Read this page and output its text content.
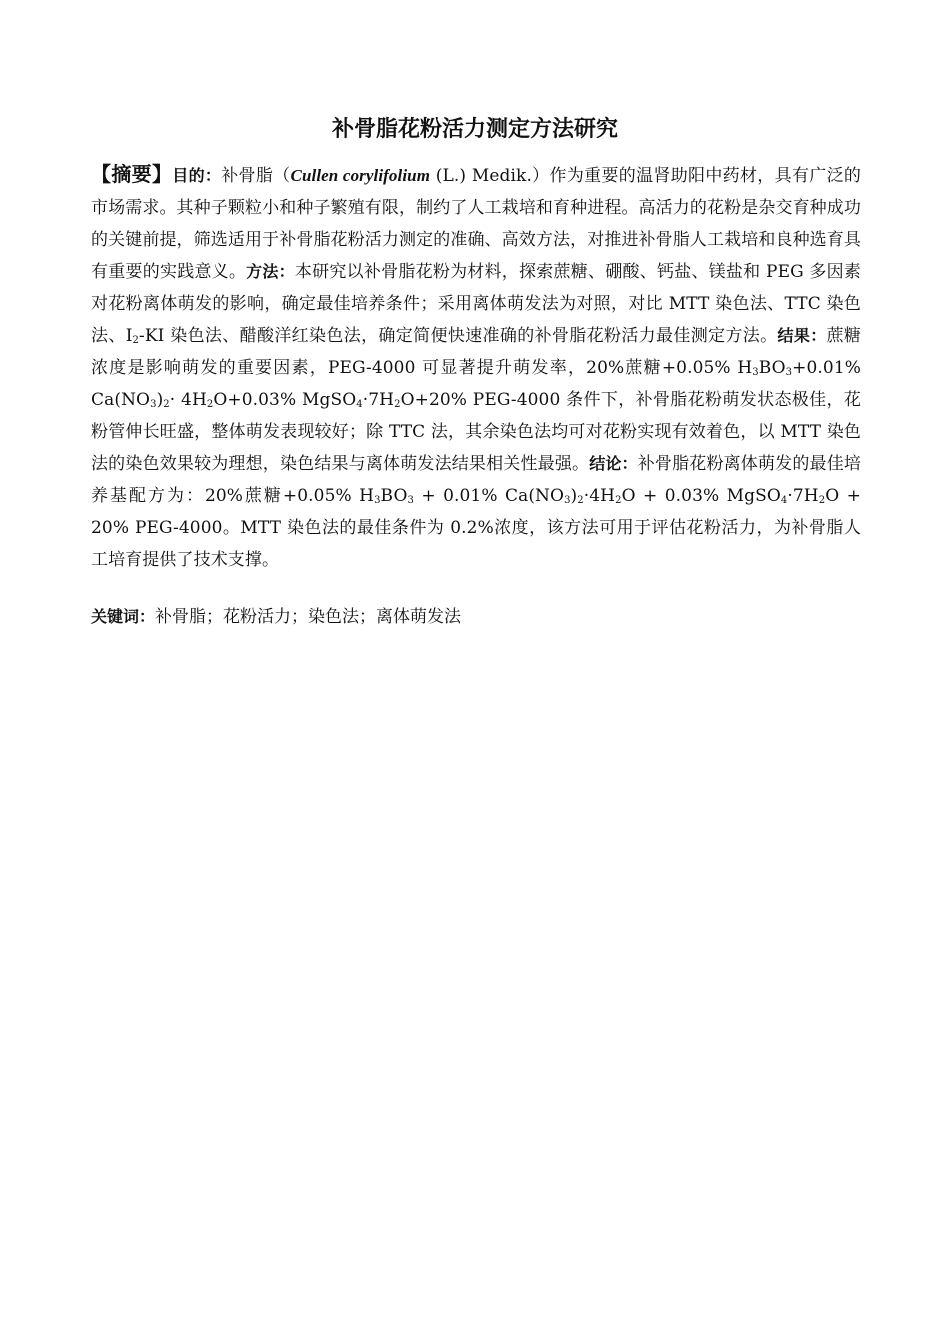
补骨脂花粉活力测定方法研究

【摘要】目的：补骨脂（Cullen corylifolium (L.) Medik.）作为重要的温肾助阳中药材，具有广泛的市场需求。其种子颗粒小和种子繁殖有限，制约了人工栽培和育种进程。高活力的花粉是杂交育种成功的关键前提，筛选适用于补骨脂花粉活力测定的准确、高效方法，对推进补骨脂人工栽培和良种选育具有重要的实践意义。方法：本研究以补骨脂花粉为材料，探索蔗糖、硼酸、钙盐、镁盐和 PEG 多因素对花粉离体萌发的影响，确定最佳培养条件；采用离体萌发法为对照，对比 MTT 染色法、TTC 染色法、$I_2-KI$ 染色法、醋酸洋红染色法，确定简便快速准确的补骨脂花粉活力最佳测定方法。结果：蔗糖浓度是影响萌发的重要因素，PEG-4000 可显著提升萌发率，20%蔗糖+0.05% $H_3BO_3+0.01\%$ $Ca(NO_3)_2\cdot 4H_2O+0.03\%$ $MgSO_4\cdot 7H_2O+20\%$ PEG-4000 条件下，补骨脂花粉萌发状态极佳，花粉管伸长旺盛，整体萌发表现较好；除 TTC 法，其余染色法均可对花粉实现有效着色，以 MTT 染色法的染色效果较为理想，染色结果与离体萌发法结果相关性最强。结论：补骨脂花粉离体萌发的最佳培养基配方为：20%蔗糖+0.05% $H_3BO_3 + 0.01\%$ $Ca(NO_3)_2\cdot 4H_2O + 0.03\%$ $MgSO_4\cdot 7H_2O + 20\%$ PEG-4000。MTT 染色法的最佳条件为 0.2%浓度，该方法可用于评估花粉活力，为补骨脂人工培育提供了技术支撑。

关键词：补骨脂；花粉活力；染色法；离体萌发法
